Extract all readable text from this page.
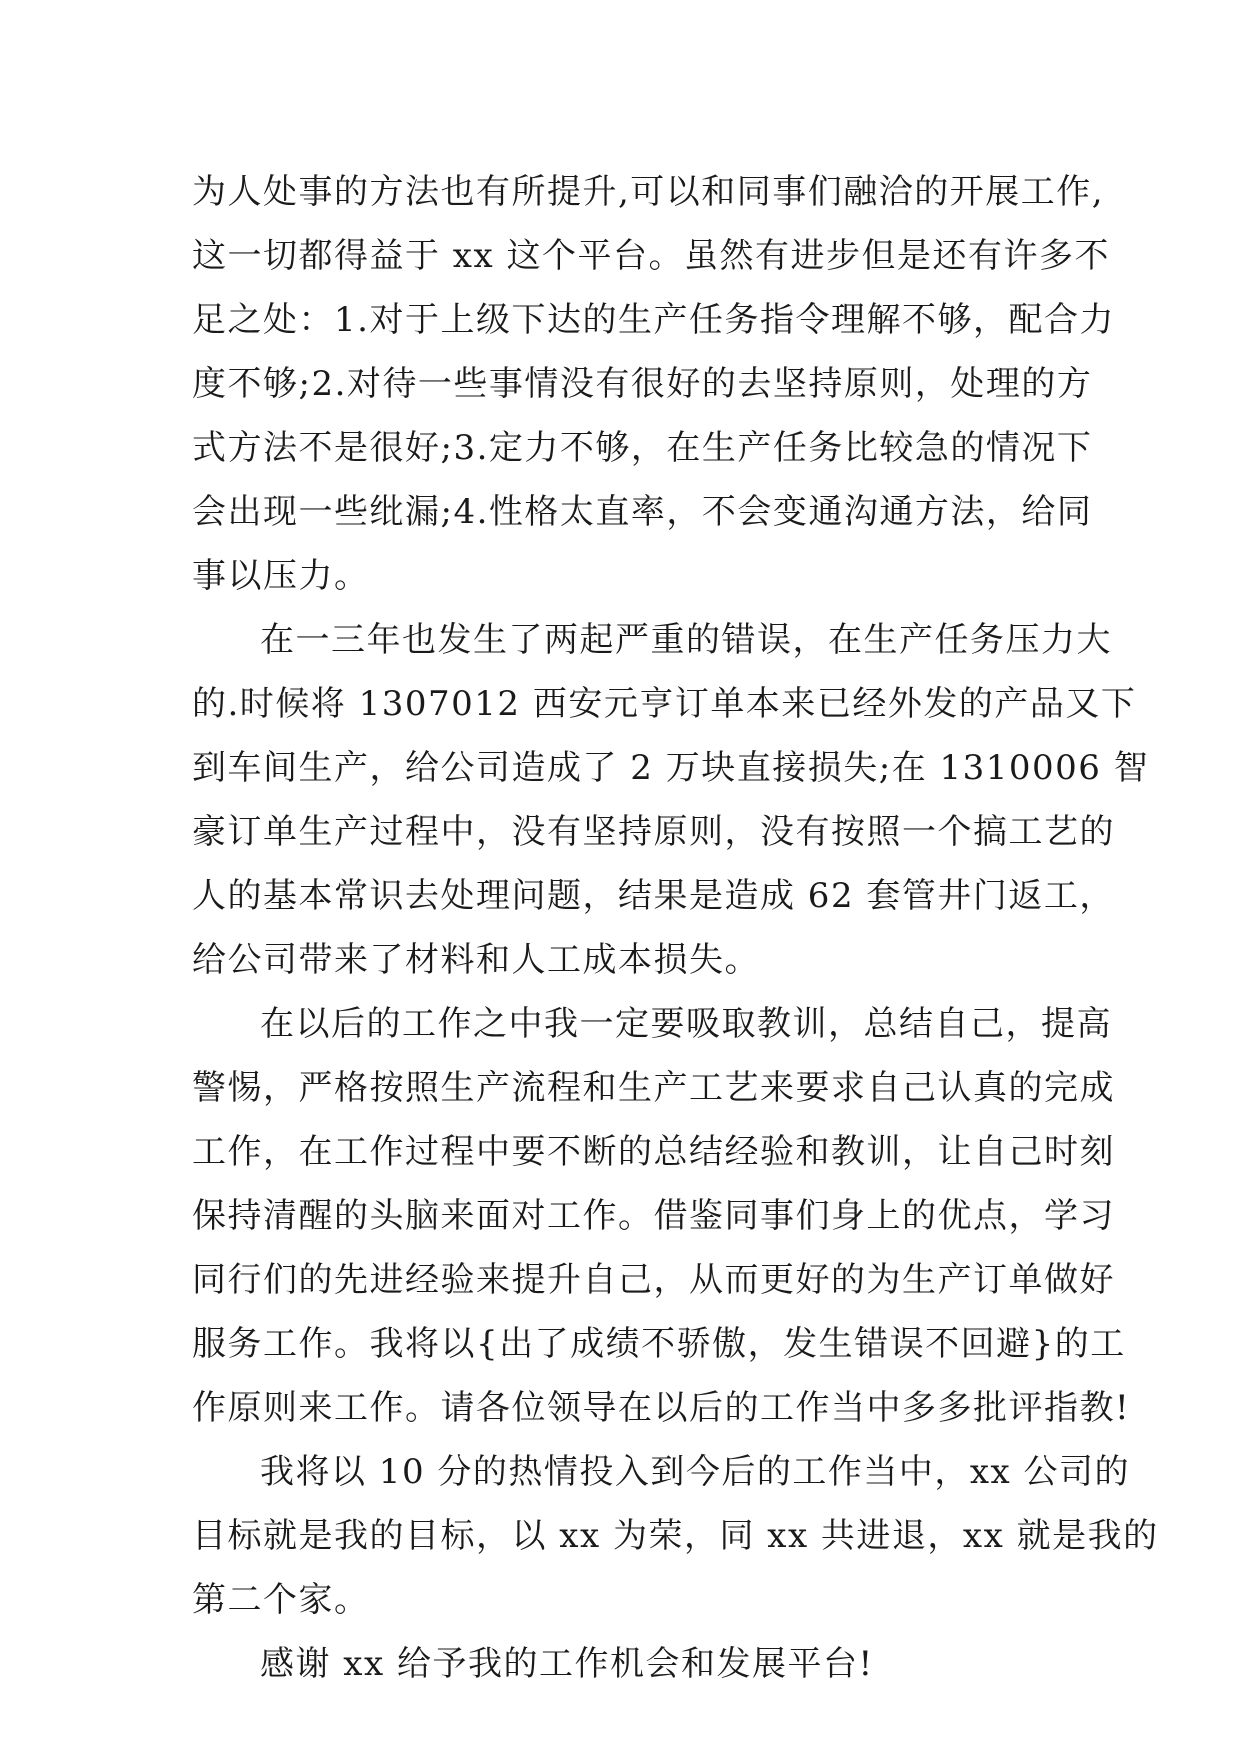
为人处事的方法也有所提升,可以和同事们融洽的开展工作,
这一切都得益于 xx 这个平台。虽然有进步但是还有许多不
足之处：1.对于上级下达的生产任务指令理解不够，配合力
度不够;2.对待一些事情没有很好的去坚持原则，处理的方
式方法不是很好;3.定力不够，在生产任务比较急的情况下
会出现一些纰漏;4.性格太直率，不会变通沟通方法，给同
事以压力。
在一三年也发生了两起严重的错误，在生产任务压力大
的.时候将 1307012 西安元亨订单本来已经外发的产品又下
到车间生产，给公司造成了 2 万块直接损失;在 1310006 智
豪订单生产过程中，没有坚持原则，没有按照一个搞工艺的
人的基本常识去处理问题，结果是造成 62 套管井门返工，
给公司带来了材料和人工成本损失。
在以后的工作之中我一定要吸取教训，总结自己，提高
警惕，严格按照生产流程和生产工艺来要求自己认真的完成
工作，在工作过程中要不断的总结经验和教训，让自己时刻
保持清醒的头脑来面对工作。借鉴同事们身上的优点，学习
同行们的先进经验来提升自己，从而更好的为生产订单做好
服务工作。我将以{出了成绩不骄傲，发生错误不回避}的工
作原则来工作。请各位领导在以后的工作当中多多批评指教!
我将以 10 分的热情投入到今后的工作当中，xx 公司的
目标就是我的目标，以 xx 为荣，同 xx 共进退，xx 就是我的
第二个家。
感谢 xx 给予我的工作机会和发展平台!
